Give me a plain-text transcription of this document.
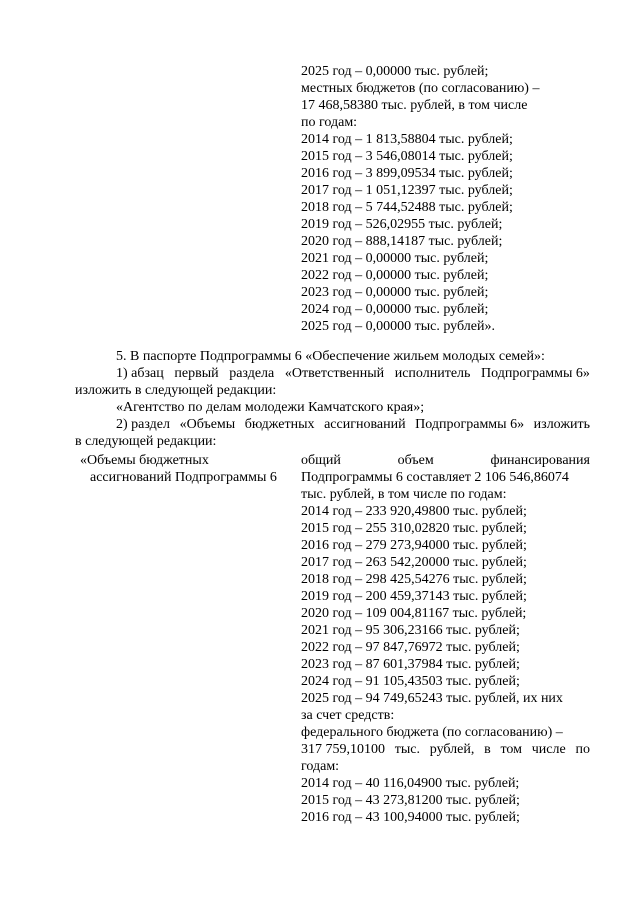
2025 год – 0,00000 тыс. рублей;
местных бюджетов (по согласованию) –
17 468,58380 тыс. рублей, в том числе
по годам:
2014 год – 1 813,58804 тыс. рублей;
2015 год – 3 546,08014 тыс. рублей;
2016 год – 3 899,09534 тыс. рублей;
2017 год – 1 051,12397 тыс. рублей;
2018 год – 5 744,52488 тыс. рублей;
2019 год – 526,02955 тыс. рублей;
2020 год – 888,14187 тыс. рублей;
2021 год – 0,00000 тыс. рублей;
2022 год – 0,00000 тыс. рублей;
2023 год – 0,00000 тыс. рублей;
2024 год – 0,00000 тыс. рублей;
2025 год – 0,00000 тыс. рублей».
5. В паспорте Подпрограммы 6 «Обеспечение жильем молодых семей»:
1) абзац первый раздела «Ответственный исполнитель Подпрограммы 6»
изложить в следующей редакции:
«Агентство по делам молодежи Камчатского края»;
2) раздел «Объемы бюджетных ассигнований Подпрограммы 6» изложить
в следующей редакции:
«Объемы бюджетных
ассигнований Подпрограммы 6
общий	объем	финансирования
Подпрограммы 6 составляет 2 106 546,86074
тыс. рублей, в том числе по годам:
2014 год – 233 920,49800 тыс. рублей;
2015 год – 255 310,02820 тыс. рублей;
2016 год – 279 273,94000 тыс. рублей;
2017 год – 263 542,20000 тыс. рублей;
2018 год – 298 425,54276 тыс. рублей;
2019 год – 200 459,37143 тыс. рублей;
2020 год – 109 004,81167 тыс. рублей;
2021 год – 95 306,23166 тыс. рублей;
2022 год – 97 847,76972 тыс. рублей;
2023 год – 87 601,37984 тыс. рублей;
2024 год – 91 105,43503 тыс. рублей;
2025 год – 94 749,65243 тыс. рублей, их них
за счет средств:
федерального бюджета (по согласованию) –
317 759,10100 тыс. рублей, в том числе по
годам:
2014 год – 40 116,04900 тыс. рублей;
2015 год – 43 273,81200 тыс. рублей;
2016 год – 43 100,94000 тыс. рублей;
